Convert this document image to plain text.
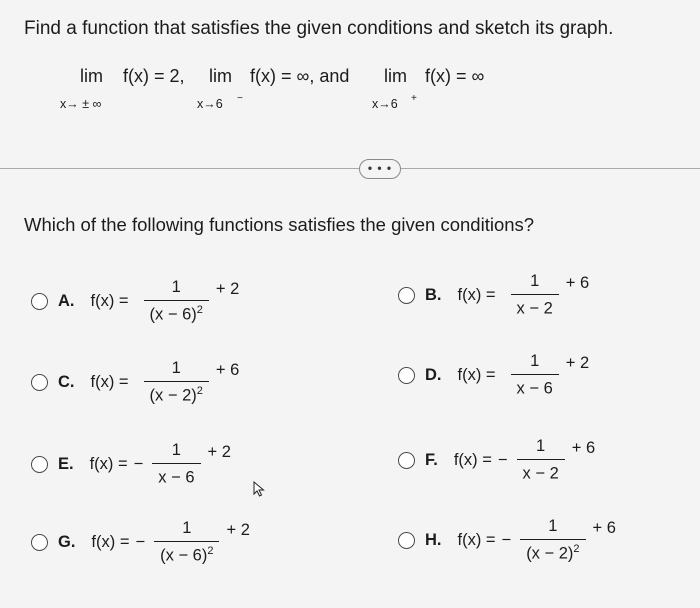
Find a function that satisfies the given conditions and sketch its graph.
lim f(x) = 2,
x→ ± ∞
lim f(x) = ∞, and
x→6 −
lim f(x) = ∞
x→6 +
• • •
Which of the following functions satisfies the given conditions?
A. $f(x) = \frac{1}{(x - 6)^2} + 2$	B. $f(x) = \frac{1}{x - 2} + 6$
C. $f(x) = \frac{1}{(x - 2)^2} + 6$	D. $f(x) = \frac{1}{x - 6} + 2$
E. f(x) = − $\frac{1}{x - 6} + 2$	F. f(x) = − $\frac{1}{x - 2} + 6$
G. f(x) = − $\frac{1}{(x - 6)^2} + 2$
H. f(x) = − $\frac{1}{(x - 2)^2} + 6$
